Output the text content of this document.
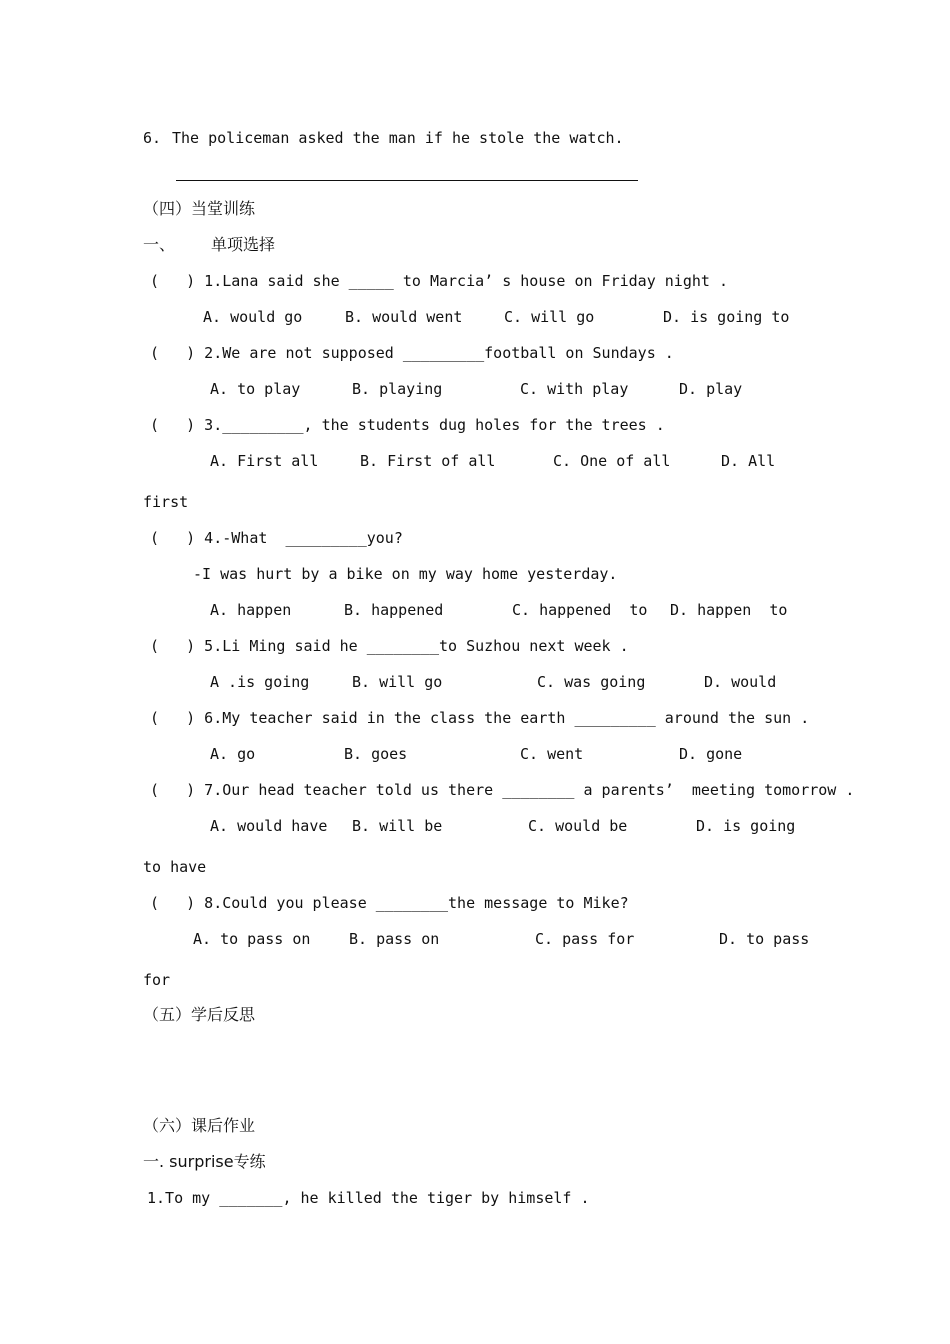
6. The policeman asked the man if he stole the watch.
（四）当堂训练
一、 单项选择
(   ) 1.Lana said she _____ to Marcia’ s house on Friday night .
A. would go	B. would went	C. will go	D. is going to
(   ) 2.We are not supposed _________football on Sundays .
A. to play	B. playing	C. with play	D. play
(   ) 3._________, the students dug holes for the trees .
A. First all	B. First of all	C. One of all	D. All
first
(   ) 4.-What  _________you?
-I was hurt by a bike on my way home yesterday.
A. happen	B. happened	C. happened  to D. happen  to
(   ) 5.Li Ming said he ________to Suzhou next week .
A .is going	B. will go	C. was going	D. would
(   ) 6.My teacher said in the class the earth _________ around the sun .
A. go	B. goes	C. went	D. gone
(   ) 7.Our head teacher told us there ________ a parents’  meeting tomorrow .
A. would have B. will be	C. would be	D. is going
to have
(   ) 8.Could you please ________the message to Mike?
A. to pass on	B. pass on	C. pass for	D. to pass
for
（五）学后反思
（六）课后作业
一. surprise专练
1.To my _______, he killed the tiger by himself .
